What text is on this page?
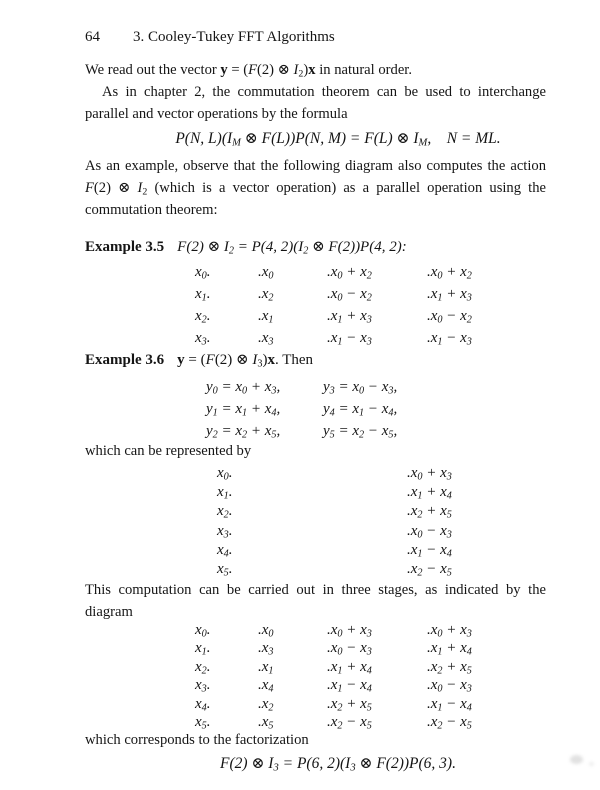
64 3. Cooley-Tukey FFT Algorithms
We read out the vector y = (F(2) ⊗ $I_2)x$ in natural order.
As in chapter 2, the commutation theorem can be used to interchange
parallel and vector operations by the formula
P(N, $L)(I_M$ ⊗ F(L))P(N, M) = F(L) ⊗ $I_M$, N = ML.
As an example, observe that the following diagram also computes the action
F(2) ⊗ $I_2$ (which is a vector operation) as a parallel operation using the
commutation theorem:
Example 3.5 F(2) ⊗ $I_2 = P(4$, $2)(I_2$ ⊗ F(2))P(4, 2):
$x_0$.	$.x_0$	$.x_0 + x_2$	$.x_0 + x_2$
$x_1$.	$.x_2$	$.x_0 - x_2$	$.x_1 + x_3$
$x_2$.	$.x_1$	$.x_1 + x_3$	$.x_0 - x_2$
$x_3$.	$.x_3$	$.x_1 - x_3$	$.x_1 - x_3$
Example 3.6 y = (F(2) ⊗ $I_3)x$. Then
$y_0 = x_0 + x_3$,	$y_3 = x_0 - x_3$,
$y_1 = x_1 + x_4$,	$y_4 = x_1 - x_4$,
$y_2 = x_2 + x_5$,	$y_5 = x_2 - x_5$,
which can be represented by
$x_0$.	$.x_0 + x_3$
$x_1$.	$.x_1 + x_4$
$x_2$.	$.x_2 + x_5$
$x_3$.	$.x_0 - x_3$
$x_4$.	$.x_1 - x_4$
$x_5$.	$.x_2 - x_5$
This computation can be carried out in three stages, as indicated by the
diagram
$x_0$.	$.x_0$	$.x_0 + x_3$	$.x_0 + x_3$
$x_1$.	$.x_3$	$.x_0 - x_3$	$.x_1 + x_4$
$x_2$.	$.x_1$	$.x_1 + x_4$	$.x_2 + x_5$
$x_3$.	$.x_4$	$.x_1 - x_4$	$.x_0 - x_3$
$x_4$.	$.x_2$	$.x_2 + x_5$	$.x_1 - x_4$
$x_5$.	$.x_5$	$.x_2 - x_5$	$.x_2 - x_5$
which corresponds to the factorization
F(2) ⊗ $I_3 = P(6$, $2)(I_3$ ⊗ F(2))P(6, 3).
